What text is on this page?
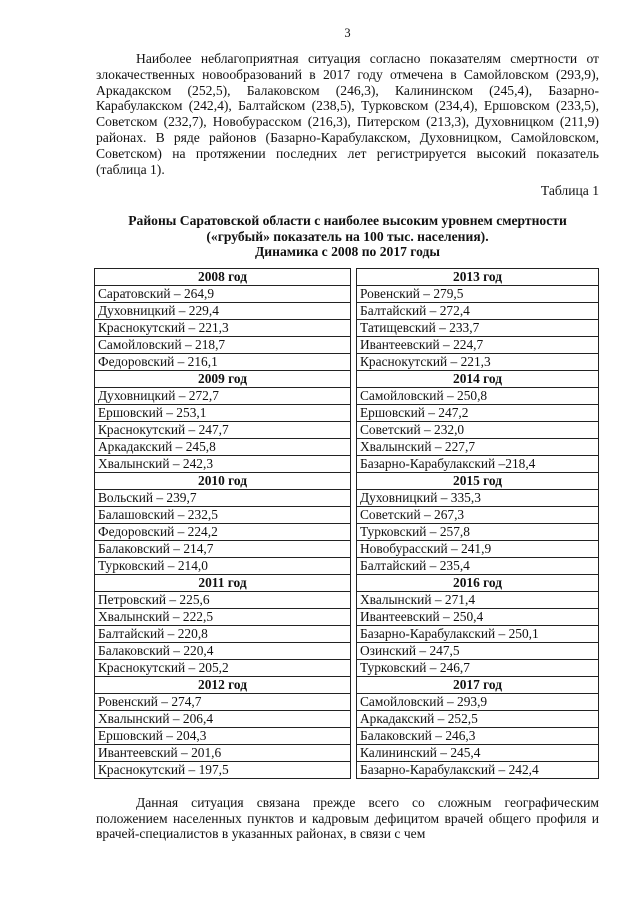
3

Наиболее неблагоприятная ситуация согласно показателям смертности от злокачественных новообразований в 2017 году отмечена в Самойловском (293,9), Аркадакском (252,5), Балаковском (246,3), Калининском (245,4), Базарно-Карабулакском (242,4), Балтайском (238,5), Турковском (234,4), Ершовском (233,5), Советском (232,7), Новобурасском (216,3), Питерском (213,3), Духовницком (211,9) районах. В ряде районов (Базарно-Карабулакском, Духовницком, Самойловском, Советском) на протяжении последних лет регистрируется высокий показатель (таблица 1).

Таблица 1
Районы Саратовской области с наиболее высоким уровнем смертности
(«грубый» показатель на 100 тыс. населения).
Динамика с 2008 по 2017 годы
2008 год		2013 год
Саратовский – 264,9		Ровенский – 279,5
Духовницкий – 229,4		Балтайский – 272,4
Краснокутский – 221,3		Татищевский – 233,7
Самойловский – 218,7		Ивантеевский – 224,7
Федоровский – 216,1		Краснокутский – 221,3
2009 год		2014 год
Духовницкий – 272,7		Самойловский – 250,8
Ершовский – 253,1		Ершовский – 247,2
Краснокутский – 247,7		Советский – 232,0
Аркадакский – 245,8		Хвалынский – 227,7
Хвалынский – 242,3		Базарно-Карабулакский –218,4
2010 год		2015 год
Вольский – 239,7		Духовницкий – 335,3
Балашовский – 232,5		Советский – 267,3
Федоровский – 224,2		Турковский – 257,8
Балаковский – 214,7		Новобурасский – 241,9
Турковский – 214,0		Балтайский – 235,4
2011 год		2016 год
Петровский – 225,6		Хвалынский – 271,4
Хвалынский – 222,5		Ивантеевский – 250,4
Балтайский – 220,8		Базарно-Карабулакский – 250,1
Балаковский – 220,4		Озинский – 247,5
Краснокутский – 205,2		Турковский – 246,7
2012 год		2017 год
Ровенский – 274,7		Самойловский – 293,9
Хвалынский – 206,4		Аркадакский – 252,5
Ершовский – 204,3		Балаковский – 246,3
Ивантеевский – 201,6		Калининский – 245,4
Краснокутский – 197,5		Базарно-Карабулакский – 242,4

Данная ситуация связана прежде всего со сложным географическим положением населенных пунктов и кадровым дефицитом врачей общего профиля и врачей-специалистов в указанных районах, в связи с чем
